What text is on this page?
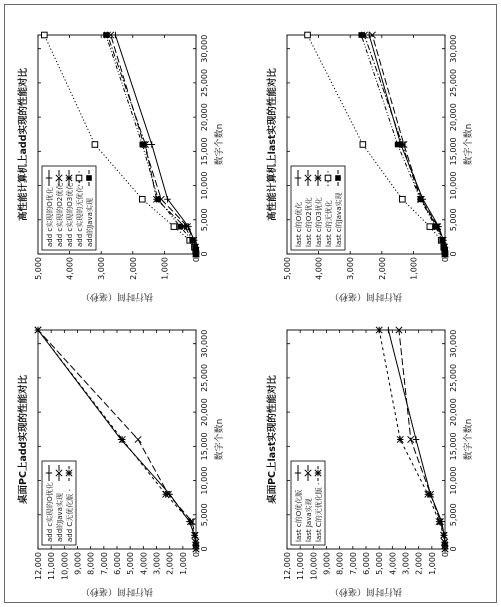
桌面PC上add实现的性能对比
0
5,000
10,000
15,000
20,000
25,000
30,000
0
1,000
2,000
3,000
4,000
5,000
6,000
7,000
8,000
9,000
10,000
11,000
12,000
数字个数n
执行时间（毫秒）
add c实现的O优化 add的Java实现 add C无优化版 -
高性能计算机上add实现的性能对比
0
5,000
10,000
15,000
20,000
25,000
30,000
0
1,000
2,000
3,000
4,000
5,000
数字个数n
执行时间（毫秒）
add c实现的O优化 add c实现的O2优化 add c实现的O3优化 add c实现的无优化 - add的Java实现
桌面PC上last实现的性能对比
0
5,000
10,000
15,000
20,000
25,000
30,000
0
1,000
2,000
3,000
4,000
5,000
6,000
7,000
8,000
9,000
10,000
11,000
12,000
数字个数n
执行时间（毫秒）
last c的O优化版 last Java实现 last C的无优化版 -
高性能计算机上last实现的性能对比
0
5,000
10,000
15,000
20,000
25,000
30,000
0
1,000
2,000
3,000
4,000
5,000
数字个数n
执行时间（毫秒）
last c的O优化 last c的O2优化 last c的O3优化 last c的无优化 last c的Java实现
